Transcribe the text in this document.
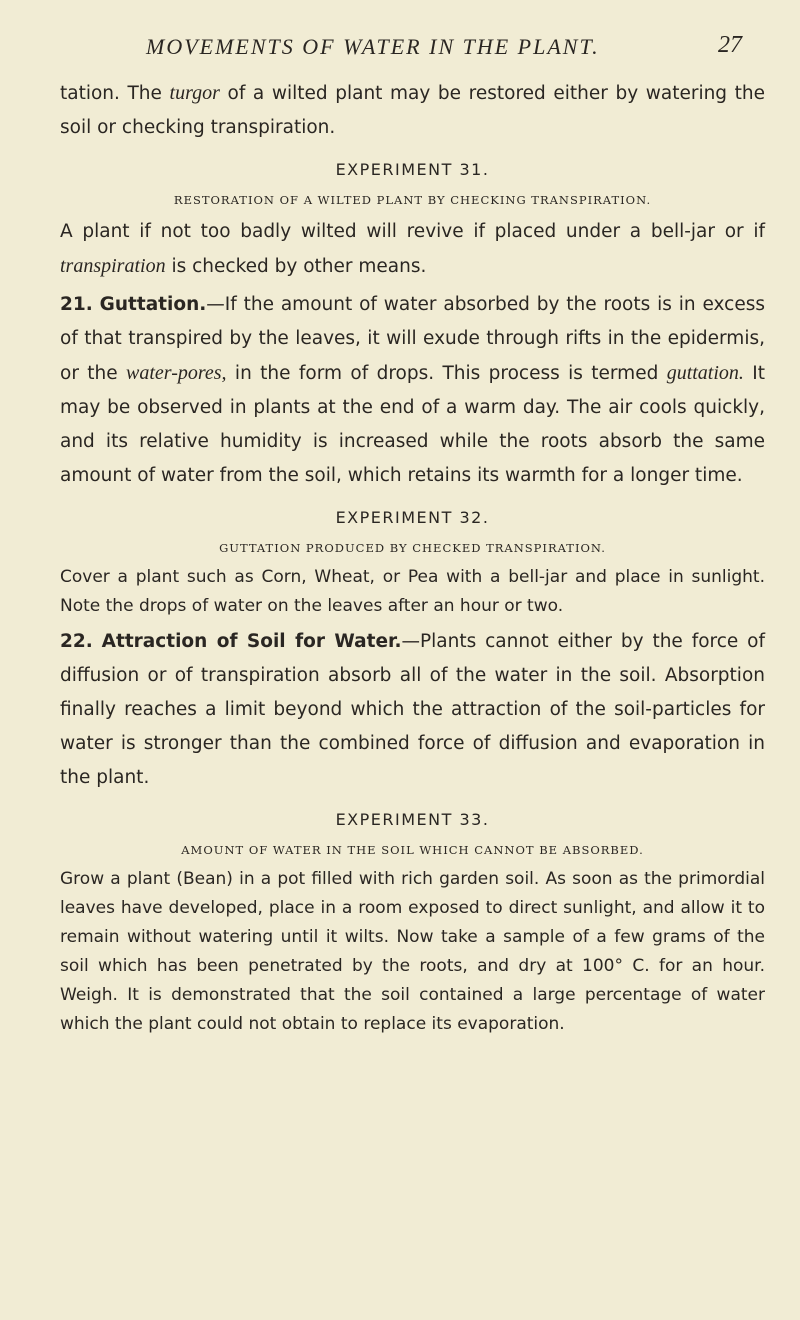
MOVEMENTS OF WATER IN THE PLANT.	27

tation. The turgor of a wilted plant may be restored either by watering the soil or checking transpiration.

EXPERIMENT 31.
RESTORATION OF A WILTED PLANT BY CHECKING TRANSPIRATION.

A plant if not too badly wilted will revive if placed under a bell-jar or if transpiration is checked by other means.

21. Guttation.—If the amount of water absorbed by the roots is in excess of that transpired by the leaves, it will exude through rifts in the epidermis, or the water-pores, in the form of drops. This process is termed guttation. It may be observed in plants at the end of a warm day. The air cools quickly, and its relative humidity is increased while the roots absorb the same amount of water from the soil, which retains its warmth for a longer time.

EXPERIMENT 32.
GUTTATION PRODUCED BY CHECKED TRANSPIRATION.

Cover a plant such as Corn, Wheat, or Pea with a bell-jar and place in sunlight. Note the drops of water on the leaves after an hour or two.

22. Attraction of Soil for Water.—Plants cannot either by the force of diffusion or of transpiration absorb all of the water in the soil. Absorption finally reaches a limit beyond which the attraction of the soil-particles for water is stronger than the combined force of diffusion and evaporation in the plant.

EXPERIMENT 33.
AMOUNT OF WATER IN THE SOIL WHICH CANNOT BE ABSORBED.

Grow a plant (Bean) in a pot filled with rich garden soil. As soon as the primordial leaves have developed, place in a room exposed to direct sunlight, and allow it to remain without watering until it wilts. Now take a sample of a few grams of the soil which has been penetrated by the roots, and dry at 100° C. for an hour. Weigh. It is demonstrated that the soil contained a large percentage of water which the plant could not obtain to replace its evaporation.
